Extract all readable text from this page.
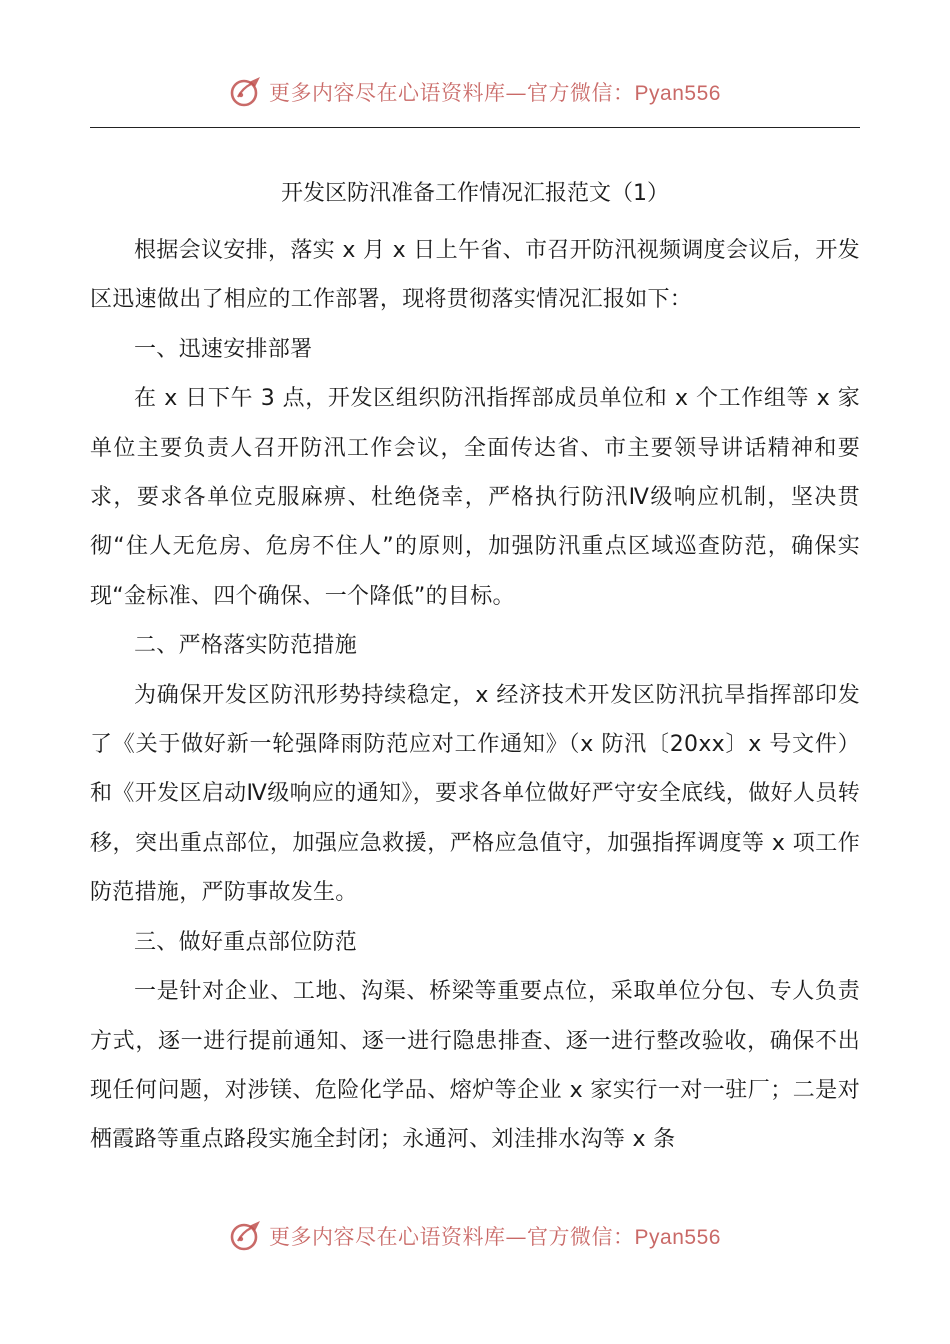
更多内容尽在心语资料库—官方微信：Pyan556
开发区防汛准备工作情况汇报范文（1）

根据会议安排，落实 x 月 x 日上午省、市召开防汛视频调度会议后，开发区迅速做出了相应的工作部署，现将贯彻落实情况汇报如下：

一、迅速安排部署

在 x 日下午 3 点，开发区组织防汛指挥部成员单位和 x 个工作组等 x 家单位主要负责人召开防汛工作会议，全面传达省、市主要领导讲话精神和要求，要求各单位克服麻痹、杜绝侥幸，严格执行防汛Ⅳ级响应机制，坚决贯彻“住人无危房、危房不住人”的原则，加强防汛重点区域巡查防范，确保实现“金标准、四个确保、一个降低”的目标。

二、严格落实防范措施

为确保开发区防汛形势持续稳定，x 经济技术开发区防汛抗旱指挥部印发了《关于做好新一轮强降雨防范应对工作通知》（x 防汛〔20xx〕x 号文件）和《开发区启动Ⅳ级响应的通知》，要求各单位做好严守安全底线，做好人员转移，突出重点部位，加强应急救援，严格应急值守，加强指挥调度等 x 项工作防范措施，严防事故发生。

三、做好重点部位防范

一是针对企业、工地、沟渠、桥梁等重要点位，采取单位分包、专人负责方式，逐一进行提前通知、逐一进行隐患排查、逐一进行整改验收，确保不出现任何问题，对涉镁、危险化学品、熔炉等企业 x 家实行一对一驻厂；二是对栖霞路等重点路段实施全封闭；永通河、刘洼排水沟等 x 条

更多内容尽在心语资料库—官方微信：Pyan556
